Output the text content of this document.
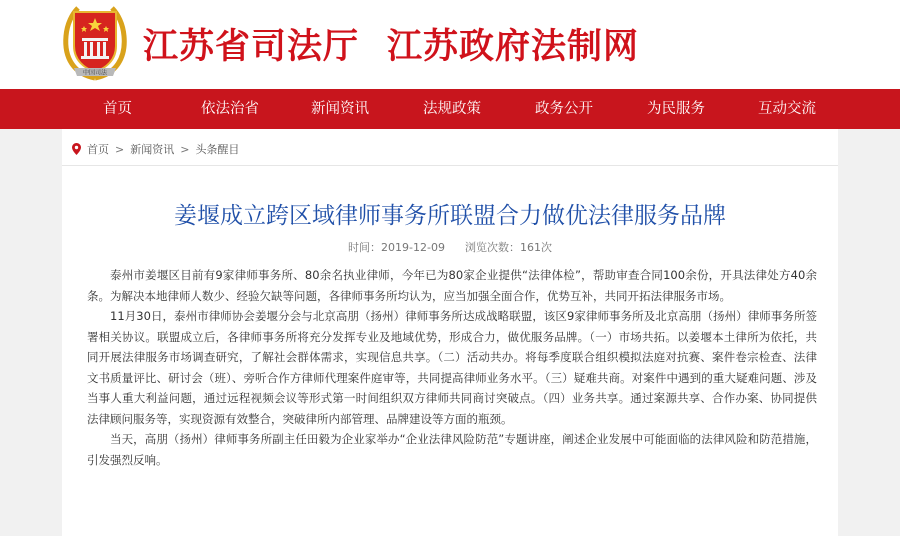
中国司法
江苏省司法厅 江苏政府法制网
首页	依法治省	新闻资讯	法规政策	政务公开	为民服务	互动交流
首页 > 新闻资讯 > 头条醒目
姜堰成立跨区域律师事务所联盟合力做优法律服务品牌
时间：2019-12-09 浏览次数：161次

泰州市姜堰区目前有9家律师事务所、80余名执业律师，今年已为80家企业提供“法律体检”，帮助审查合同100余份，开具法律处方40余条。为解决本地律师人数少、经验欠缺等问题，各律师事务所均认为，应当加强全面合作，优势互补，共同开拓法律服务市场。

11月30日，泰州市律师协会姜堰分会与北京高朋（扬州）律师事务所达成战略联盟，该区9家律师事务所及北京高朋（扬州）律师事务所签署相关协议。联盟成立后，各律师事务所将充分发挥专业及地域优势，形成合力，做优服务品牌。（一）市场共拓。以姜堰本土律所为依托，共同开展法律服务市场调查研究，了解社会群体需求，实现信息共享。（二）活动共办。将每季度联合组织模拟法庭对抗赛、案件卷宗检查、法律文书质量评比、研讨会（班）、旁听合作方律师代理案件庭审等，共同提高律师业务水平。（三）疑难共商。对案件中遇到的重大疑难问题、涉及当事人重大利益问题，通过远程视频会议等形式第一时间组织双方律师共同商讨突破点。（四）业务共享。通过案源共享、合作办案、协同提供法律顾问服务等，实现资源有效整合，突破律所内部管理、品牌建设等方面的瓶颈。

当天，高朋（扬州）律师事务所副主任田毅为企业家举办“企业法律风险防范”专题讲座，阐述企业发展中可能面临的法律风险和防范措施，引发强烈反响。
